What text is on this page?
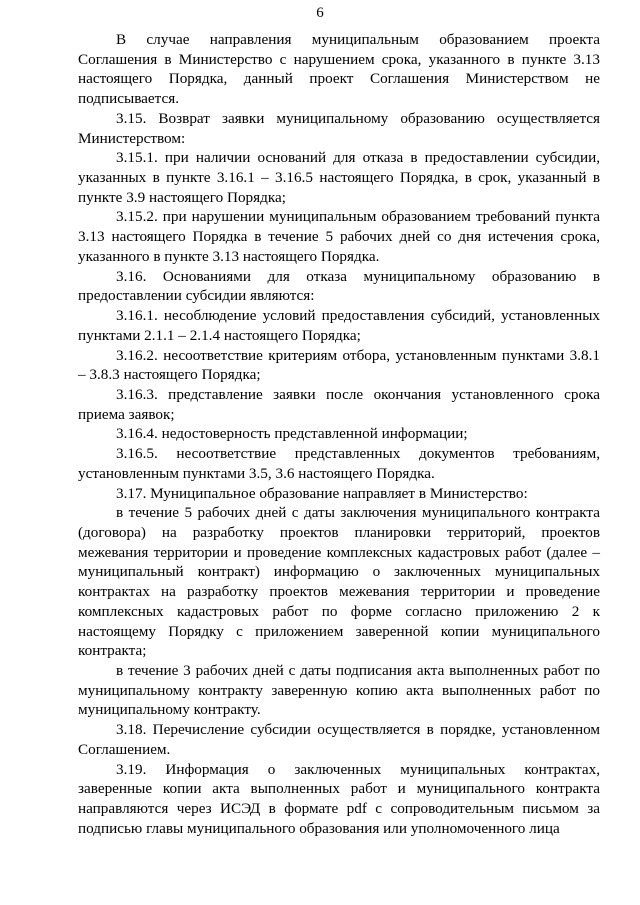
6

В случае направления муниципальным образованием проекта Соглашения в Министерство с нарушением срока, указанного в пункте 3.13 настоящего Порядка, данный проект Соглашения Министерством не подписывается.

3.15. Возврат заявки муниципальному образованию осуществляется Министерством:

3.15.1. при наличии оснований для отказа в предоставлении субсидии, указанных в пункте 3.16.1 – 3.16.5 настоящего Порядка, в срок, указанный в пункте 3.9 настоящего Порядка;

3.15.2. при нарушении муниципальным образованием требований пункта 3.13 настоящего Порядка в течение 5 рабочих дней со дня истечения срока, указанного в пункте 3.13 настоящего Порядка.

3.16. Основаниями для отказа муниципальному образованию в предоставлении субсидии являются:

3.16.1. несоблюдение условий предоставления субсидий, установленных пунктами 2.1.1 – 2.1.4 настоящего Порядка;

3.16.2. несоответствие критериям отбора, установленным пунктами 3.8.1 – 3.8.3 настоящего Порядка;

3.16.3. представление заявки после окончания установленного срока приема заявок;

3.16.4. недостоверность представленной информации;

3.16.5. несоответствие представленных документов требованиям, установленным пунктами 3.5, 3.6 настоящего Порядка.

3.17. Муниципальное образование направляет в Министерство:

в течение 5 рабочих дней с даты заключения муниципального контракта (договора) на разработку проектов планировки территорий, проектов межевания территории и проведение комплексных кадастровых работ (далее – муниципальный контракт) информацию о заключенных муниципальных контрактах на разработку проектов межевания территории и проведение комплексных кадастровых работ по форме согласно приложению 2 к настоящему Порядку с приложением заверенной копии муниципального контракта;

в течение 3 рабочих дней с даты подписания акта выполненных работ по муниципальному контракту заверенную копию акта выполненных работ по муниципальному контракту.

3.18. Перечисление субсидии осуществляется в порядке, установленном Соглашением.

3.19. Информация о заключенных муниципальных контрактах, заверенные копии акта выполненных работ и муниципального контракта направляются через ИСЭД в формате pdf с сопроводительным письмом за подписью главы муниципального образования или уполномоченного лица
